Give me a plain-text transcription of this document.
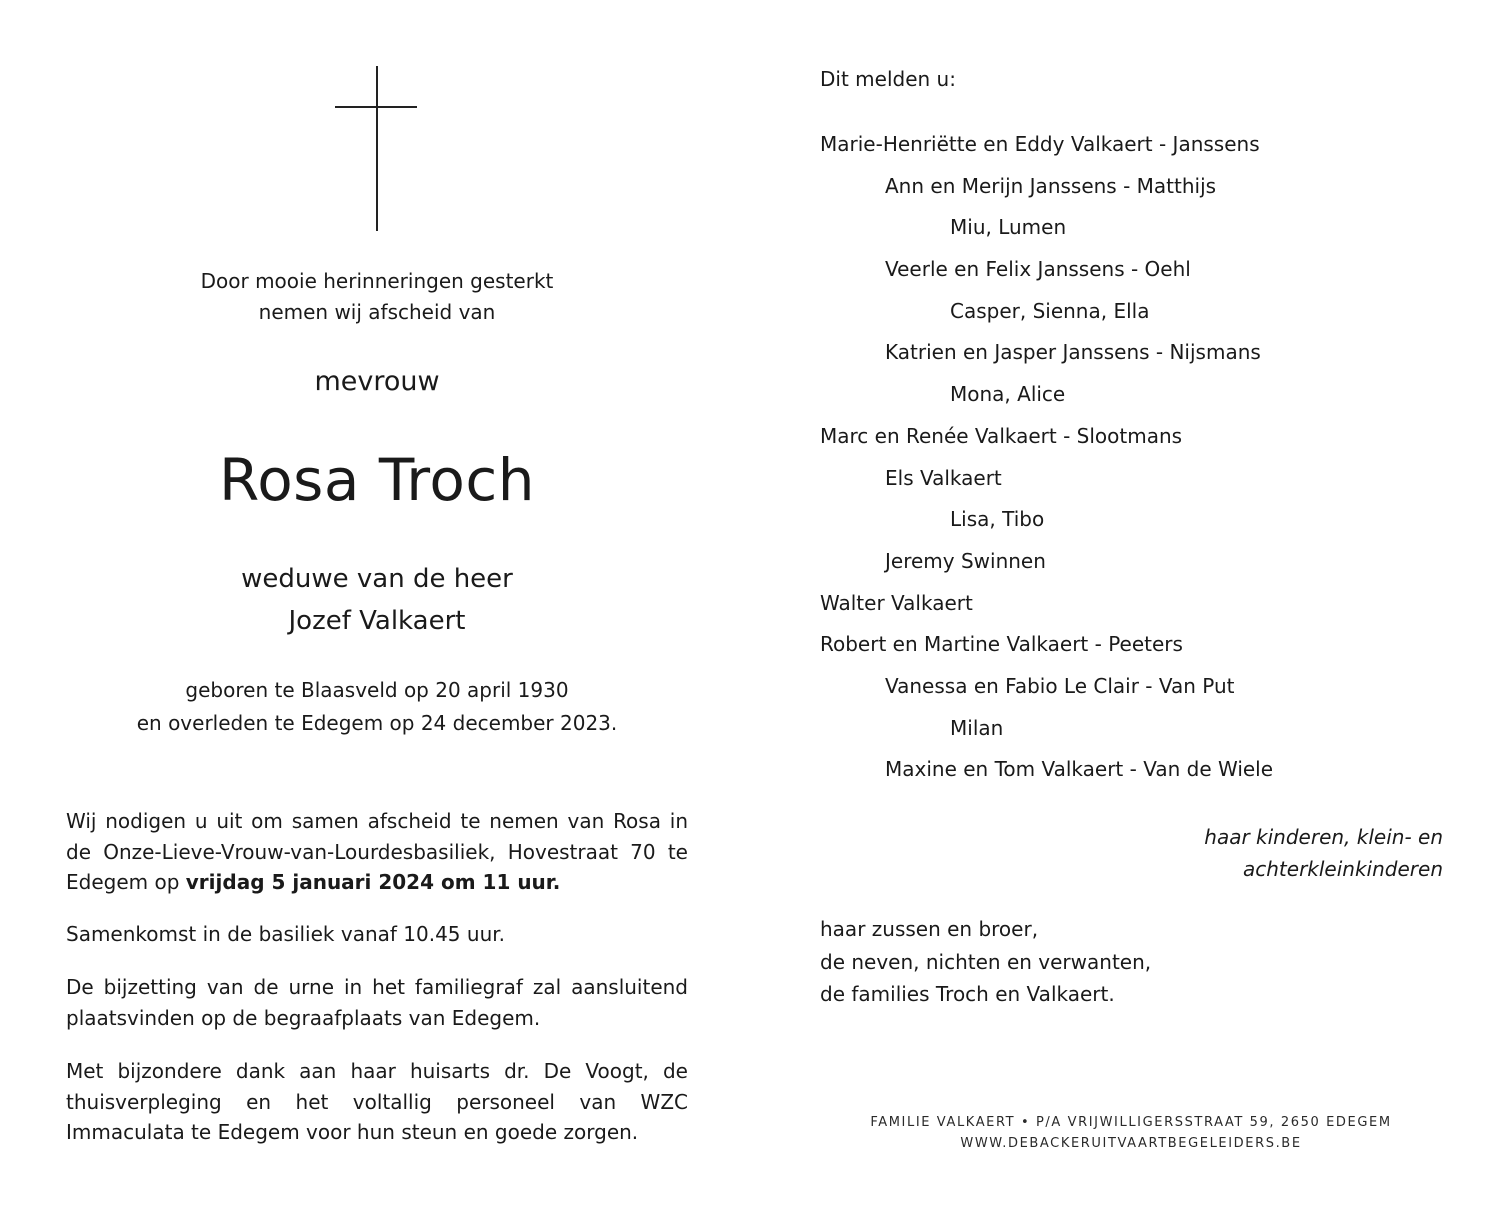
Door mooie herinneringen gesterkt
nemen wij afscheid van
mevrouw
Rosa Troch
weduwe van de heer
Jozef Valkaert
geboren te Blaasveld op 20 april 1930
en overleden te Edegem op 24 december 2023.
Wij nodigen u uit om samen afscheid te nemen van Rosa in de Onze-Lieve-Vrouw-van-Lourdesbasiliek, Hovestraat 70 te Edegem op vrijdag 5 januari 2024 om 11 uur.
Samenkomst in de basiliek vanaf 10.45 uur.
De bijzetting van de urne in het familiegraf zal aansluitend plaatsvinden op de begraafplaats van Edegem.
Met bijzondere dank aan haar huisarts dr. De Voogt, de thuisverpleging en het voltallig personeel van WZC Immaculata te Edegem voor hun steun en goede zorgen.
Dit melden u:
Marie-Henriëtte en Eddy Valkaert - Janssens
Ann en Merijn Janssens - Matthijs
Miu, Lumen
Veerle en Felix Janssens - Oehl
Casper, Sienna, Ella
Katrien en Jasper Janssens - Nijsmans
Mona, Alice
Marc en Renée Valkaert - Slootmans
Els Valkaert
Lisa, Tibo
Jeremy Swinnen
Walter Valkaert
Robert en Martine Valkaert - Peeters
Vanessa en Fabio Le Clair - Van Put
Milan
Maxine en Tom Valkaert - Van de Wiele
haar kinderen, klein- en
achterkleinkinderen
haar zussen en broer,
de neven, nichten en verwanten,
de families Troch en Valkaert.
FAMILIE VALKAERT • P/A VRIJWILLIGERSSTRAAT 59, 2650 EDEGEM
WWW.DEBACKERUITVAARTBEGELEIDERS.BE
